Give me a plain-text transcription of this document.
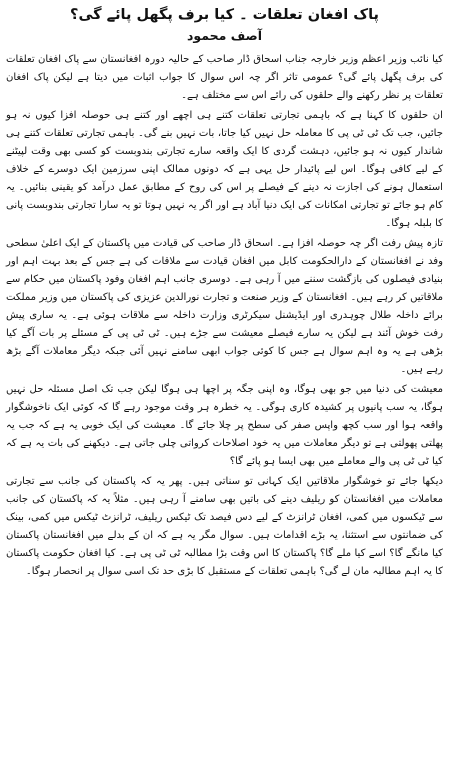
پاک افغان تعلقات ۔ کیا برف پگھل پائے گی؟
آصف محمود

کیا نائب وزیر اعظم وزیر خارجہ جناب اسحاق ڈار صاحب کے حالیہ دورہ افغانستان سے پاک افغان تعلقات کی برف پگھل پائے گی؟ عمومی تاثر اگر چہ اس سوال کا جواب اثبات میں دیتا ہے لیکن پاک افغان تعلقات پر نظر رکھنے والے حلقوں کی رائے اس سے مختلف ہے۔

ان حلقوں کا کہنا ہے کہ باہمی تجارتی تعلقات کتنے ہی اچھے اور کتنے ہی حوصلہ افزا کیوں نہ ہو جائیں، جب تک ٹی ٹی پی کا معاملہ حل نہیں کیا جاتا، بات نہیں بنے گی۔ باہمی تجارتی تعلقات کتنے ہی شاندار کیوں نہ ہو جائیں، دہشت گردی کا ایک واقعہ سارے تجارتی بندوبست کو کسی بھی وقت لپیٹنے کے لیے کافی ہوگا۔ اس لیے پائیدار حل یہی ہے کہ دونوں ممالک اپنی سرزمین ایک دوسرے کے خلاف استعمال ہونے کی اجازت نہ دینے کے فیصلے پر اس کی روح کے مطابق عمل درآمد کو یقینی بنائیں۔ یہ کام ہو جائے تو تجارتی امکانات کی ایک دنیا آباد ہے اور اگر یہ نہیں ہوتا تو یہ سارا تجارتی بندوبست پانی کا بلبلہ ہوگا۔

تازہ پیش رفت اگر چہ حوصلہ افزا ہے۔ اسحاق ڈار صاحب کی قیادت میں پاکستان کے ایک اعلیٰ سطحی وفد نے افغانستان کے دارالحکومت کابل میں افغان قیادت سے ملاقات کی ہے جس کے بعد بہت اہم اور بنیادی فیصلوں کی بازگشت سننے میں آ رہی ہے۔ دوسری جانب اہم افغان وفود پاکستان میں حکام سے ملاقاتیں کر رہے ہیں۔ افغانستان کے وزیر صنعت و تجارت نورالدین عزیزی کی پاکستان میں وزیر مملکت برائے داخلہ طلال چوہدری اور ایڈیشنل سیکرٹری وزارت داخلہ سے ملاقات ہوئی ہے۔ یہ ساری پیش رفت خوش آئند ہے لیکن یہ سارے فیصلے معیشت سے جڑے ہیں۔ ٹی ٹی پی کے مسئلے پر بات آگے کیا بڑھی ہے یہ وہ اہم سوال ہے جس کا کوئی جواب ابھی سامنے نہیں آئی جبکہ دیگر معاملات آگے بڑھ رہے ہیں۔

معیشت کی دنیا میں جو بھی ہوگا، وہ اپنی جگہ پر اچھا ہی ہوگا لیکن جب تک اصل مسئلہ حل نہیں ہوگا، یہ سب پانیوں پر کشیدہ کاری ہوگی۔ یہ خطرہ ہر وقت موجود رہے گا کہ کوئی ایک ناخوشگوار واقعہ ہوا اور سب کچھ واپس صفر کی سطح پر چلا جائے گا۔ معیشت کی ایک خوبی یہ ہے کہ جب یہ پھلتی پھولتی ہے تو دیگر معاملات میں یہ خود اصلاحات کرواتی چلی جاتی ہے۔ دیکھنے کی بات یہ ہے کہ کیا ٹی ٹی پی والے معاملے میں بھی ایسا ہو پائے گا؟

دیکھا جائے تو خوشگوار ملاقاتیں ایک کہانی تو سناتی ہیں۔ پھر یہ کہ پاکستان کی جانب سے تجارتی معاملات میں افغانستان کو ریلیف دینے کی باتیں بھی سامنے آ رہی ہیں۔ مثلاً یہ کہ پاکستان کی جانب سے ٹیکسوں میں کمی، افغان ٹرانزٹ کے لیے دس فیصد تک ٹیکس ریلیف، ٹرانزٹ ٹیکس میں کمی، بینک کی ضمانتوں سے استثنا، یہ بڑے اقدامات ہیں۔ سوال مگر یہ ہے کہ ان کے بدلے میں افغانستان پاکستان کیا مانگے گا؟ اسے کیا ملے گا؟ پاکستان کا اس وقت بڑا مطالبہ ٹی ٹی پی ہے۔ کیا افغان حکومت پاکستان کا یہ اہم مطالبہ مان لے گی؟ باہمی تعلقات کے مستقبل کا بڑی حد تک اسی سوال پر انحصار ہوگا۔
